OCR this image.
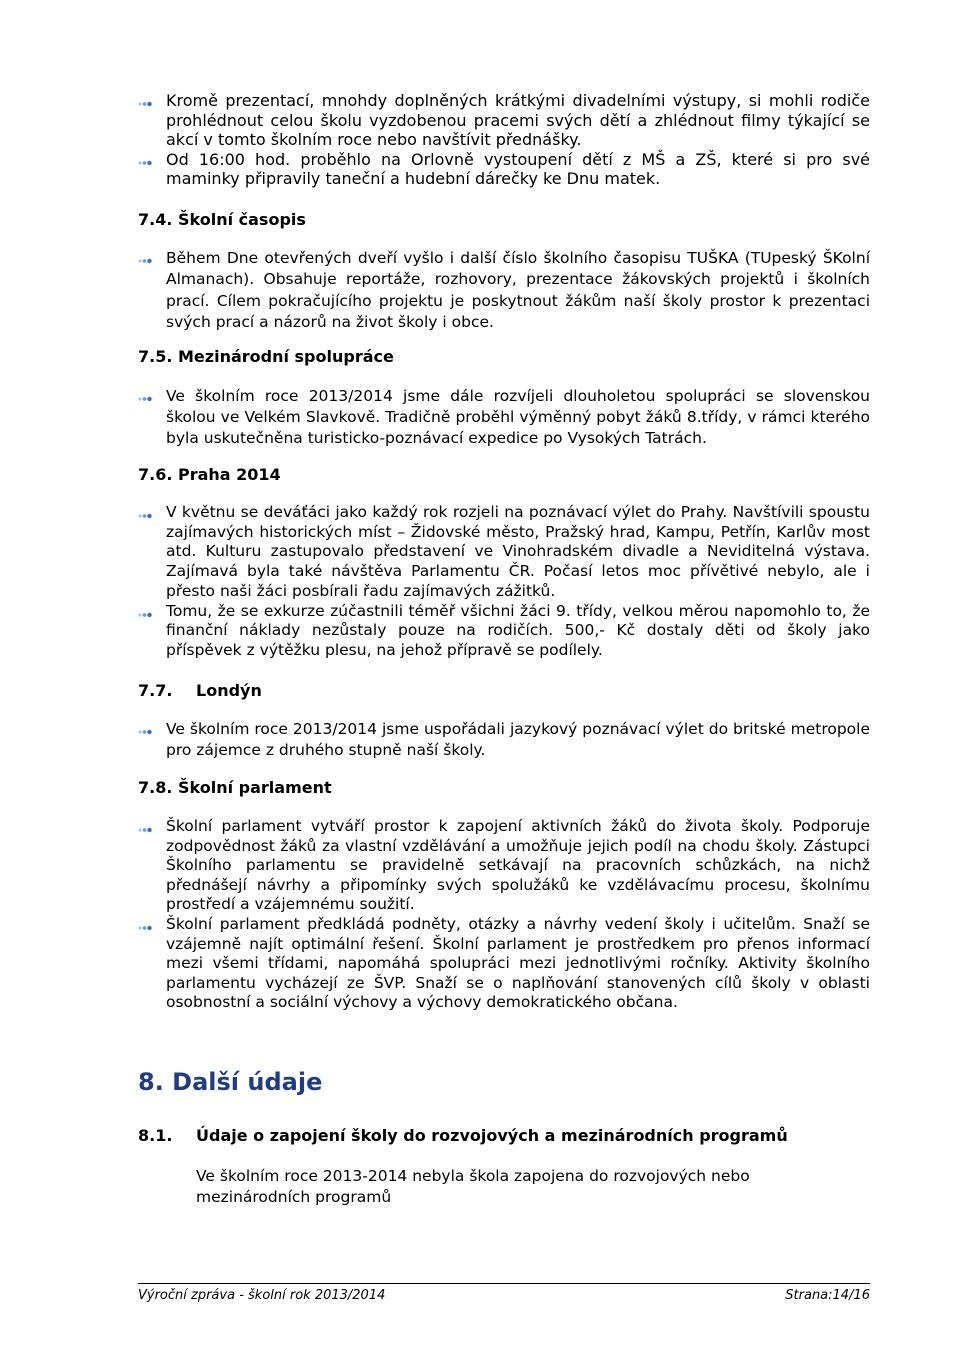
Kromě prezentací, mnohdy doplněných krátkými divadelními výstupy, si mohli rodiče prohlédnout celou školu vyzdobenou pracemi svých dětí a zhlédnout filmy týkající se akcí v tomto školním roce nebo navštívit přednášky.

Od 16:00 hod. proběhlo na Orlovně vystoupení dětí z MŠ a ZŠ, které si pro své maminky připravily taneční a hudební dárečky ke Dnu matek.

7.4. Školní časopis

Během Dne otevřených dveří vyšlo i další číslo školního časopisu TUŠKA (TUpeský ŠKolní Almanach). Obsahuje reportáže, rozhovory, prezentace žákovských projektů i školních prací. Cílem pokračujícího projektu je poskytnout žákům naší školy prostor k prezentaci svých prací a názorů na život školy i obce.

7.5. Mezinárodní spolupráce

Ve školním roce 2013/2014 jsme dále rozvíjeli dlouholetou spolupráci se slovenskou školou ve Velkém Slavkově. Tradičně proběhl výměnný pobyt žáků 8.třídy, v rámci kterého byla uskutečněna turisticko-poznávací expedice po Vysokých Tatrách.

7.6. Praha 2014

V květnu se deváťáci jako každý rok rozjeli na poznávací výlet do Prahy. Navštívili spoustu zajímavých historických míst – Židovské město, Pražský hrad, Kampu, Petřín, Karlův most atd. Kulturu zastupovalo představení ve Vinohradském divadle a Neviditelná výstava. Zajímavá byla také návštěva Parlamentu ČR. Počasí letos moc přívětivé nebylo, ale i přesto naši žáci posbírali řadu zajímavých zážitků.

Tomu, že se exkurze zúčastnili téměř všichni žáci 9. třídy, velkou měrou napomohlo to, že finanční náklady nezůstaly pouze na rodičích. 500,- Kč dostaly děti od školy jako příspěvek z výtěžku plesu, na jehož přípravě se podílely.

7.7. Londýn

Ve školním roce 2013/2014 jsme uspořádali jazykový poznávací výlet do britské metropole pro zájemce z druhého stupně naší školy.

7.8. Školní parlament

Školní parlament vytváří prostor k zapojení aktivních žáků do života školy. Podporuje zodpovědnost žáků za vlastní vzdělávání a umožňuje jejich podíl na chodu školy. Zástupci Školního parlamentu se pravidelně setkávají na pracovních schůzkách, na nichž přednášejí návrhy a připomínky svých spolužáků ke vzdělávacímu procesu, školnímu prostředí a vzájemnému soužití.

Školní parlament předkládá podněty, otázky a návrhy vedení školy i učitelům. Snaží se vzájemně najít optimální řešení. Školní parlament je prostředkem pro přenos informací mezi všemi třídami, napomáhá spolupráci mezi jednotlivými ročníky. Aktivity školního parlamentu vycházejí ze ŠVP. Snaží se o naplňování stanovených cílů školy v oblasti osobnostní a sociální výchovy a výchovy demokratického občana.

8. Další údaje
8.1. Údaje o zapojení školy do rozvojových a mezinárodních programů

Ve školním roce 2013-2014 nebyla škola zapojena do rozvojových nebo mezinárodních programů

Výroční zpráva - školní rok 2013/2014	Strana:14/16
